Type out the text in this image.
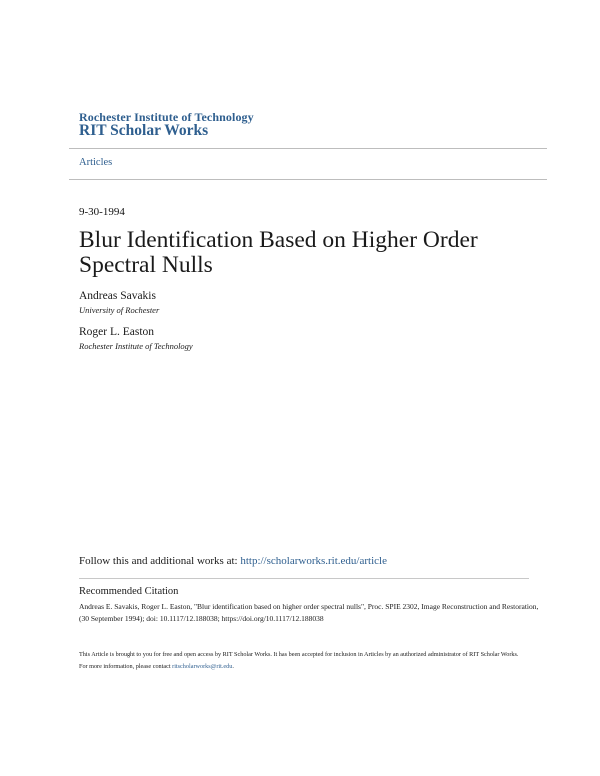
Rochester Institute of Technology
RIT Scholar Works
Articles
9-30-1994
Blur Identification Based on Higher Order Spectral Nulls
Andreas Savakis
University of Rochester
Roger L. Easton
Rochester Institute of Technology
Follow this and additional works at: http://scholarworks.rit.edu/article
Recommended Citation
Andreas E. Savakis, Roger L. Easton, "Blur identification based on higher order spectral nulls", Proc. SPIE 2302, Image Reconstruction and Restoration, (30 September 1994); doi: 10.1117/12.188038; https://doi.org/10.1117/12.188038
This Article is brought to you for free and open access by RIT Scholar Works. It has been accepted for inclusion in Articles by an authorized administrator of RIT Scholar Works. For more information, please contact ritscholarworks@rit.edu.
